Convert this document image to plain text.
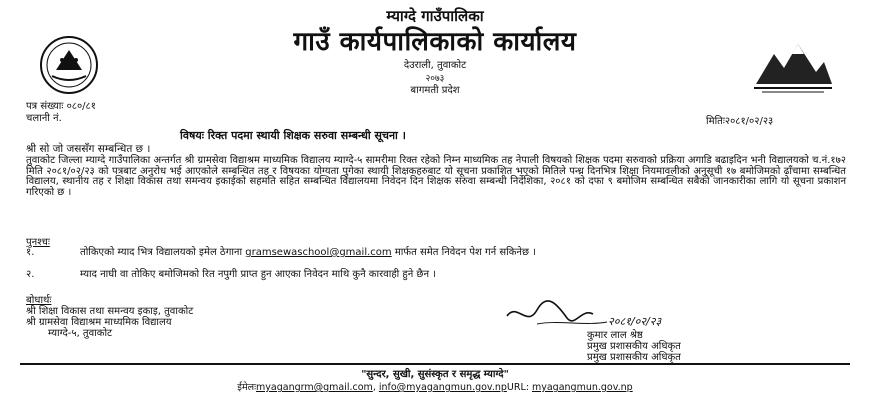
म्याग्दे गाउँपालिका
गाउँ कार्यपालिकाको कार्यालय
देउराली, तुवाकोट
२०७३
बागमती प्रदेश
पत्र संख्याः ०८०/८१
चलानी नं.	मितिः२०८१/०२/२३
विषयः रिक्त पदमा स्थायी शिक्षक सरुवा सम्बन्धी सूचना ।
श्री सो जो जससँग सम्बन्धित छ ।
तुवाकोट जिल्ला म्याग्दे गाउँपालिका अन्तर्गत श्री ग्रामसेवा विद्याश्रम माध्यमिक विद्यालय म्याग्दे-५ सामरीमा रिक्त रहेको निम्न माध्यमिक तह नेपाली विषयको शिक्षक पदमा सरुवाको प्रक्रिया अगाडि बढाइदिन भनी विद्यालयको च.नं.१७२ मिति २०८१/०२/२३ को पत्रबाट अनुरोध भई आएकोले सम्बन्धित तह र विषयका योग्यता पुगेका स्थायी शिक्षकहरुबाट यो सूचना प्रकाशित भएको मितिले पन्ध्र दिनभित्र शिक्षा नियमावलीको अनुसूची १७ बमोजिमको ढाँचामा सम्बन्धित विद्यालय, स्थानीय तह र शिक्षा विकास तथा समन्वय इकाईको सहमति सहित सम्बन्धित विद्यालयमा निवेदन दिन शिक्षक सरुवा सम्बन्धी निर्देशिका, २०८१ को दफा ९ बमोजिम सम्बन्धित सबैको जानकारीका लागि यो सूचना प्रकाशन गरिएको छ ।
पुनश्चः
१.	तोकिएको म्याद भित्र विद्यालयको इमेल ठेगाना gramsewaschool@gmail.com मार्फत समेत निवेदन पेश गर्न सकिनेछ ।
२.	म्याद नाघी वा तोकिए बमोजिमको रित नपुगी प्राप्त हुन आएका निवेदन माथि कुनै कारवाही हुने छैन ।
बोधार्थः
श्री शिक्षा विकास तथा समन्वय इकाइ, तुवाकोट
श्री ग्रामसेवा विद्याश्रम माध्यमिक विद्यालय
म्याग्दे-५, तुवाकोट
२०८१/०२/२३
कुमार लाल श्रेष्ठ
प्रमुख प्रशासकीय अधिकृत
प्रमुख प्रशासकीय अधिकृत
"सुन्दर, सुखी, सुसंस्कृत र समृद्ध म्याग्दे"
ईमेलःmyagangrm@gmail.com, info@myagangmun.gov.npURL: myagangmun.gov.np
